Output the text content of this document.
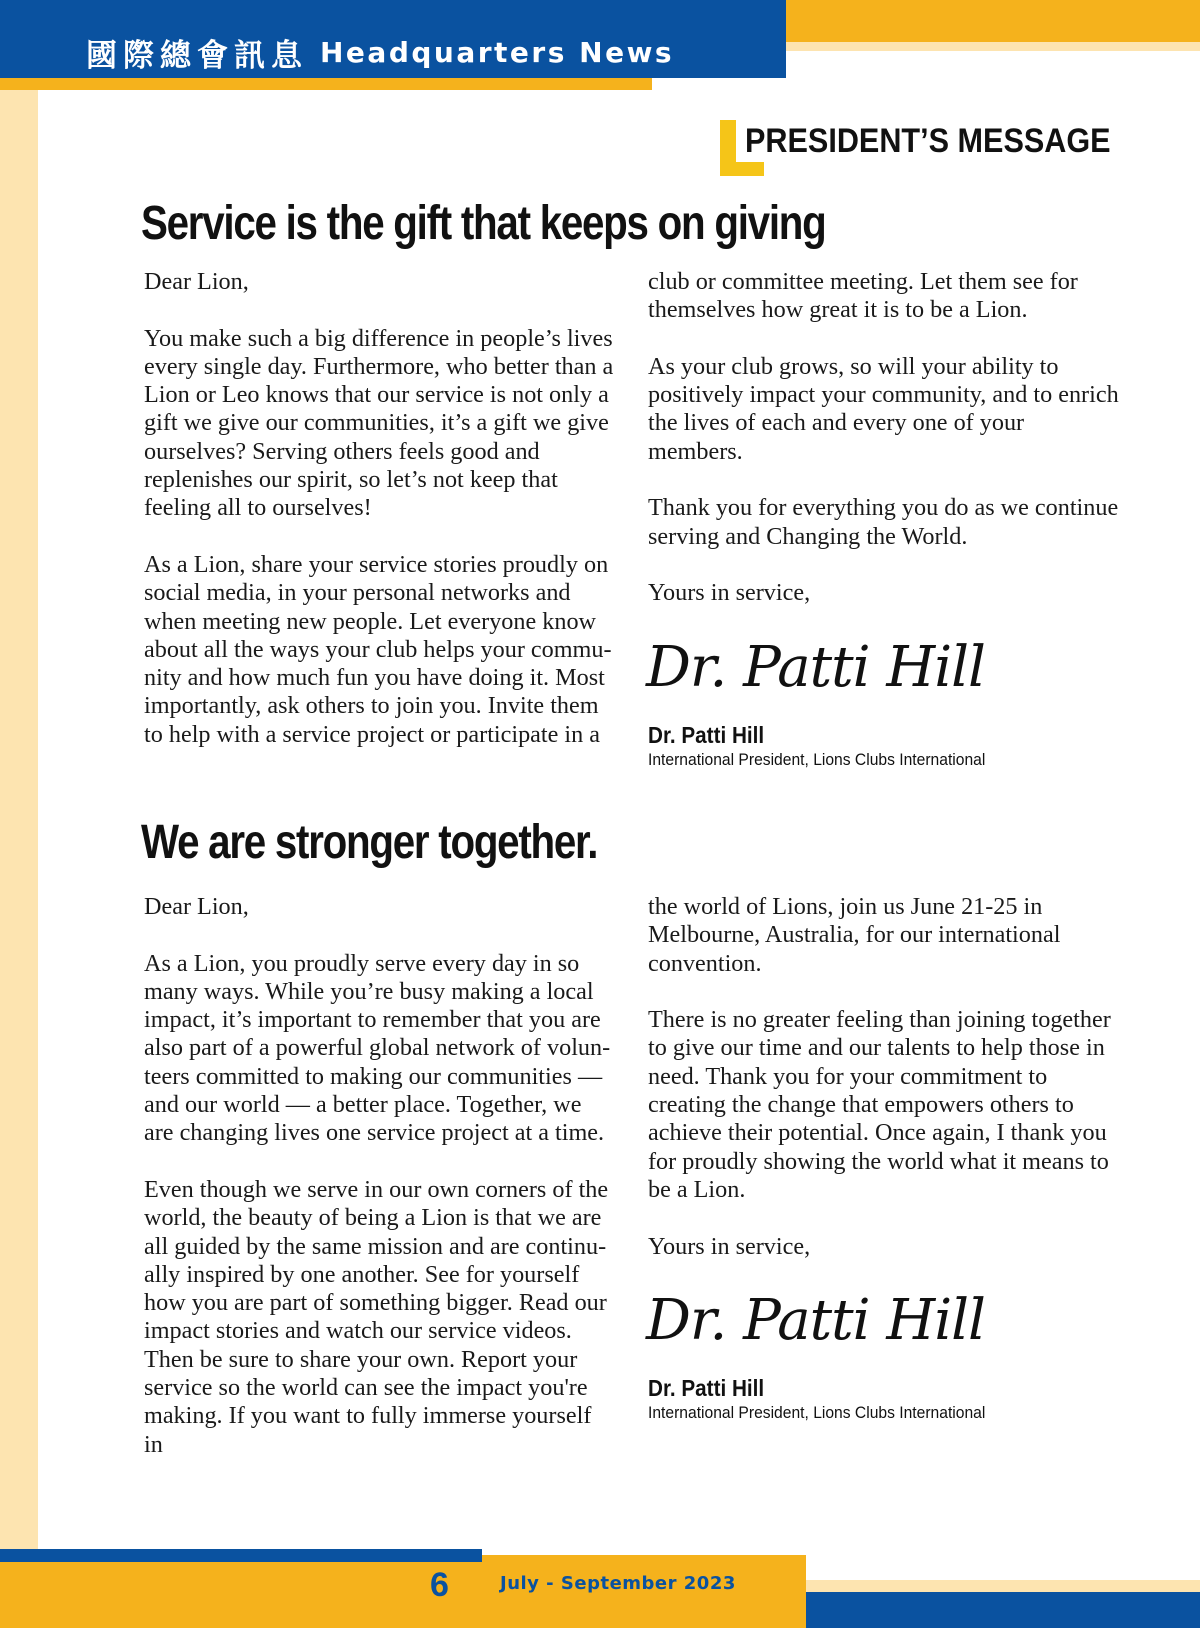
國際總會訊息 Headquarters News
PRESIDENT’S MESSAGE
Service is the gift that keeps on giving

Dear Lion,

You make such a big difference in people’s lives every single day. Furthermore, who better than a Lion or Leo knows that our service is not only a gift we give our communities, it’s a gift we give ourselves? Serving others feels good and replenishes our spirit, so let’s not keep that feeling all to ourselves!

As a Lion, share your service stories proudly on social media, in your personal networks and when meeting new people. Let everyone know about all the ways your club helps your commu-nity and how much fun you have doing it. Most importantly, ask others to join you. Invite them to help with a service project or participate in a

club or committee meeting. Let them see for themselves how great it is to be a Lion.

As your club grows, so will your ability to positively impact your community, and to enrich the lives of each and every one of your members.

Thank you for everything you do as we continue serving and Changing the World.

Yours in service,

Dr. Patti Hill
Dr. Patti Hill
International President, Lions Clubs International
We are stronger together.

Dear Lion,

As a Lion, you proudly serve every day in so many ways. While you’re busy making a local impact, it’s important to remember that you are also part of a powerful global network of volun-teers committed to making our communities — and our world — a better place. Together, we are changing lives one service project at a time.

Even though we serve in our own corners of the world, the beauty of being a Lion is that we are all guided by the same mission and are continu-ally inspired by one another. See for yourself how you are part of something bigger. Read our impact stories and watch our service videos. Then be sure to share your own. Report your service so the world can see the impact you're making. If you want to fully immerse yourself in

the world of Lions, join us June 21-25 in Melbourne, Australia, for our international convention.

There is no greater feeling than joining together to give our time and our talents to help those in need. Thank you for your commitment to creating the change that empowers others to achieve their potential. Once again, I thank you for proudly showing the world what it means to be a Lion.

Yours in service,

Dr. Patti Hill
Dr. Patti Hill
International President, Lions Clubs International
6	July - September 2023
